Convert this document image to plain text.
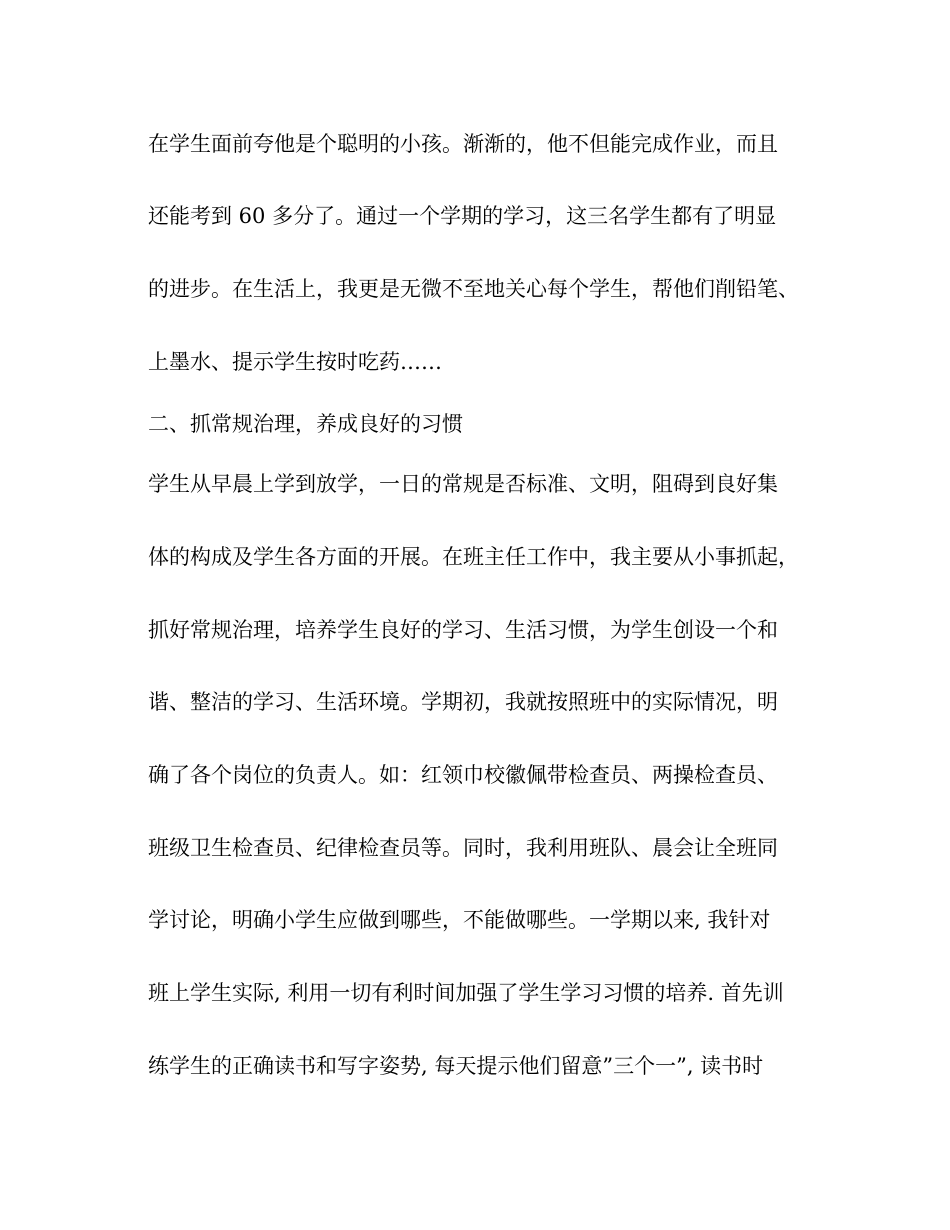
在学生面前夸他是个聪明的小孩。渐渐的，他不但能完成作业，而且
还能考到 60 多分了。通过一个学期的学习，这三名学生都有了明显
的进步。在生活上，我更是无微不至地关心每个学生，帮他们削铅笔、
上墨水、提示学生按时吃药……
二、抓常规治理，养成良好的习惯
学生从早晨上学到放学，一日的常规是否标准、文明，阻碍到良好集
体的构成及学生各方面的开展。在班主任工作中，我主要从小事抓起，
抓好常规治理，培养学生良好的学习、生活习惯，为学生创设一个和
谐、整洁的学习、生活环境。学期初，我就按照班中的实际情况，明
确了各个岗位的负责人。如：红领巾校徽佩带检查员、两操检查员、
班级卫生检查员、纪律检查员等。同时，我利用班队、晨会让全班同
学讨论，明确小学生应做到哪些，不能做哪些。一学期以来, 我针对
班上学生实际, 利用一切有利时间加强了学生学习习惯的培养. 首先训
练学生的正确读书和写字姿势, 每天提示他们留意”三个一”, 读书时
